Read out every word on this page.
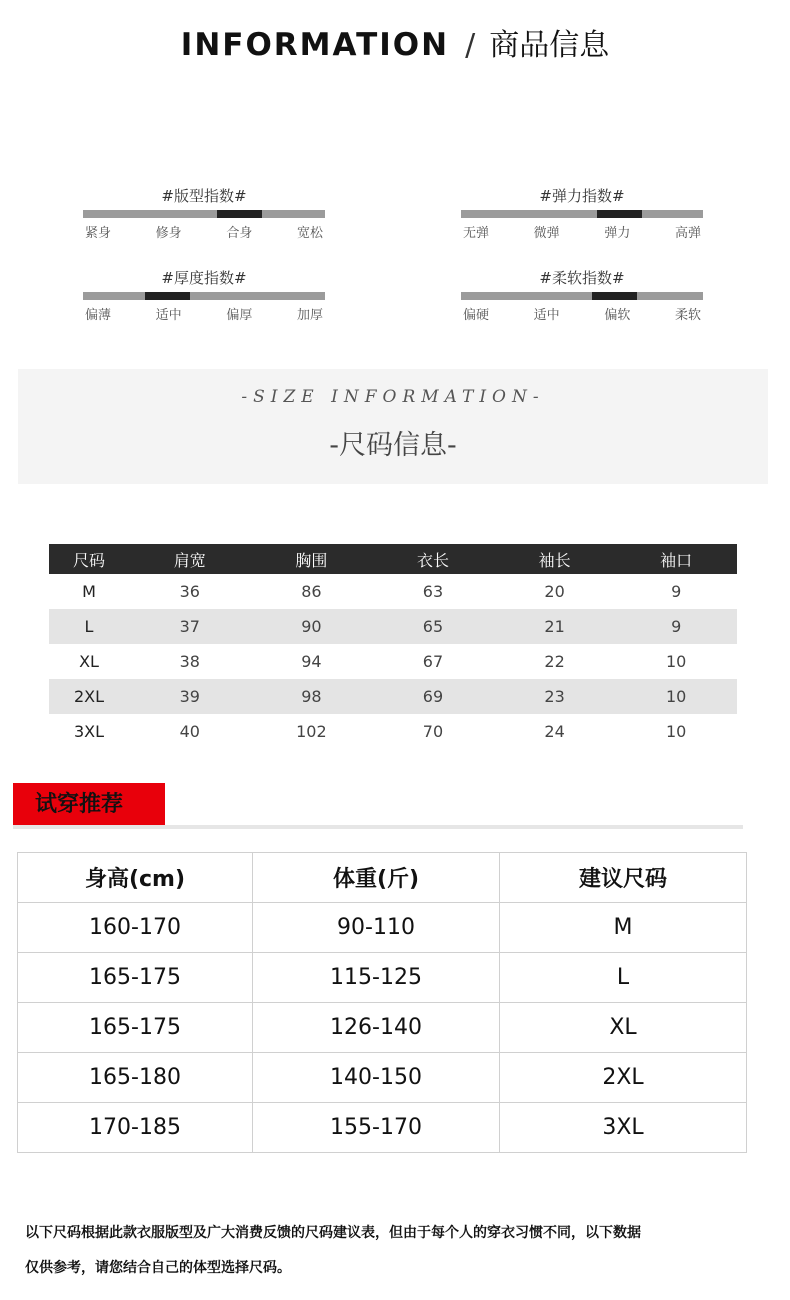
INFORMATION / 商品信息
#版型指数#
紧身	修身	合身	宽松
#弹力指数#
无弹	微弹	弹力	高弹
#厚度指数#
偏薄	适中	偏厚	加厚
#柔软指数#
偏硬	适中	偏软	柔软
-SIZE INFORMATION-
-尺码信息-
尺码	肩宽	胸围	衣长	袖长	袖口
M	36	86	63	20	9
L	37	90	65	21	9
XL	38	94	67	22	10
2XL	39	98	69	23	10
3XL	40	102	70	24	10
试穿推荐
身高(cm)	体重(斤)	建议尺码
160-170	90-110	M
165-175	115-125	L
165-175	126-140	XL
165-180	140-150	2XL
170-185	155-170	3XL
以下尺码根据此款衣服版型及广大消费反馈的尺码建议表，但由于每个人的穿衣习惯不同，以下数据
仅供参考，请您结合自己的体型选择尺码。
